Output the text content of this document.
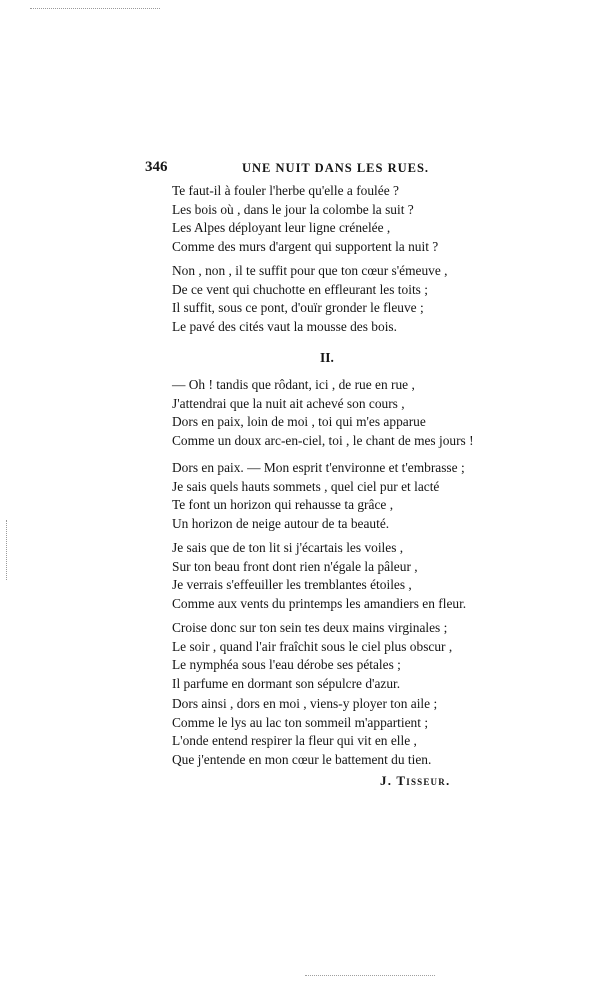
346	UNE NUIT DANS LES RUES.
Te faut-il à fouler l'herbe qu'elle a foulée ?
Les bois où , dans le jour la colombe la suit ?
Les Alpes déployant leur ligne crénelée ,
Comme des murs d'argent qui supportent la nuit ?
Non , non , il te suffit pour que ton cœur s'émeuve ,
De ce vent qui chuchotte en effleurant les toits ;
Il suffit, sous ce pont, d'ouïr gronder le fleuve ;
Le pavé des cités vaut la mousse des bois.
II.
— Oh ! tandis que rôdant, ici , de rue en rue ,
J'attendrai que la nuit ait achevé son cours ,
Dors en paix, loin de moi , toi qui m'es apparue
Comme un doux arc-en-ciel, toi , le chant de mes jours !
Dors en paix. — Mon esprit t'environne et t'embrasse ;
Je sais quels hauts sommets , quel ciel pur et lacté
Te font un horizon qui rehausse ta grâce ,
Un horizon de neige autour de ta beauté.
Je sais que de ton lit si j'écartais les voiles ,
Sur ton beau front dont rien n'égale la pâleur ,
Je verrais s'effeuiller les tremblantes étoiles ,
Comme aux vents du printemps les amandiers en fleur.
Croise donc sur ton sein tes deux mains virginales ;
Le soir , quand l'air fraîchit sous le ciel plus obscur ,
Le nymphéa sous l'eau dérobe ses pétales ;
Il parfume en dormant son sépulcre d'azur.
Dors ainsi , dors en moi , viens-y ployer ton aile ;
Comme le lys au lac ton sommeil m'appartient ;
L'onde entend respirer la fleur qui vit en elle ,
Que j'entende en mon cœur le battement du tien.
J. Tisseur.
